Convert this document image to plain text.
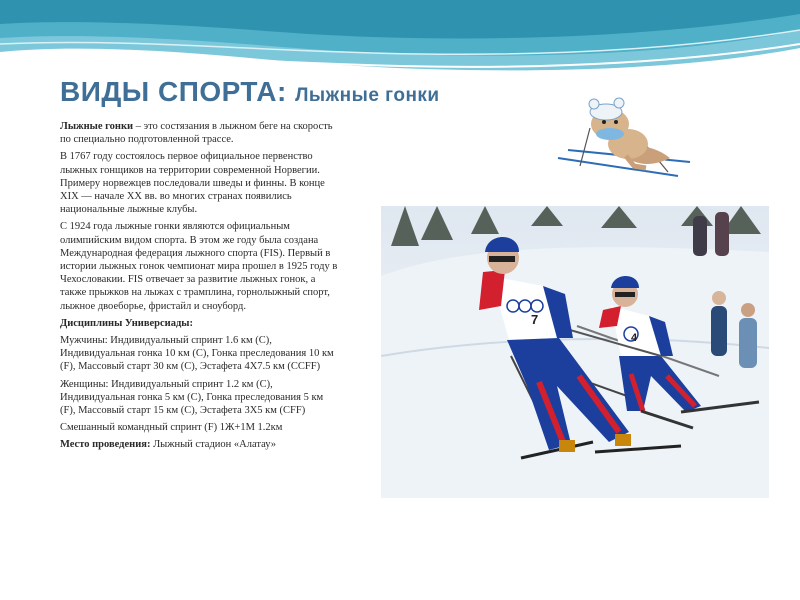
ВИДЫ СПОРТА: Лыжные гонки

Лыжные гонки – это состязания в лыжном беге на скорость по специально подготовленной трассе.

В 1767 году состоялось первое официальное первенство лыжных гонщиков на территории современной Норвегии. Примеру норвежцев последовали шведы и финны. В конце XIX — начале XX вв. во многих странах появились национальные лыжные клубы.

С 1924 года лыжные гонки являются официальным олимпийским видом спорта. В этом же году была создана Международная федерация лыжного спорта (FIS). Первый в истории лыжных гонок чемпионат мира прошел в 1925 году в Чехословакии. FIS отвечает за развитие лыжных гонок, а также прыжков на лыжах с трамплина, горнолыжный спорт, лыжное двоеборье, фристайл и сноуборд.

Дисциплины Универсиады:

Мужчины: Индивидуальный спринт 1.6 км (С), Индивидуальная гонка 10 км (С), Гонка преследования 10 км (F), Массовый старт 30 км (С), Эстафета 4Х7.5 км (CCFF)

Женщины: Индивидуальный спринт 1.2 км (С), Индивидуальная гонка 5 км (С), Гонка преследования 5 км (F), Массовый старт 15 км (С), Эстафета 3Х5 км (CFF)

Смешанный командный спринт (F) 1Ж+1М 1.2км

Место проведения: Лыжный стадион «Алатау»

4
7
